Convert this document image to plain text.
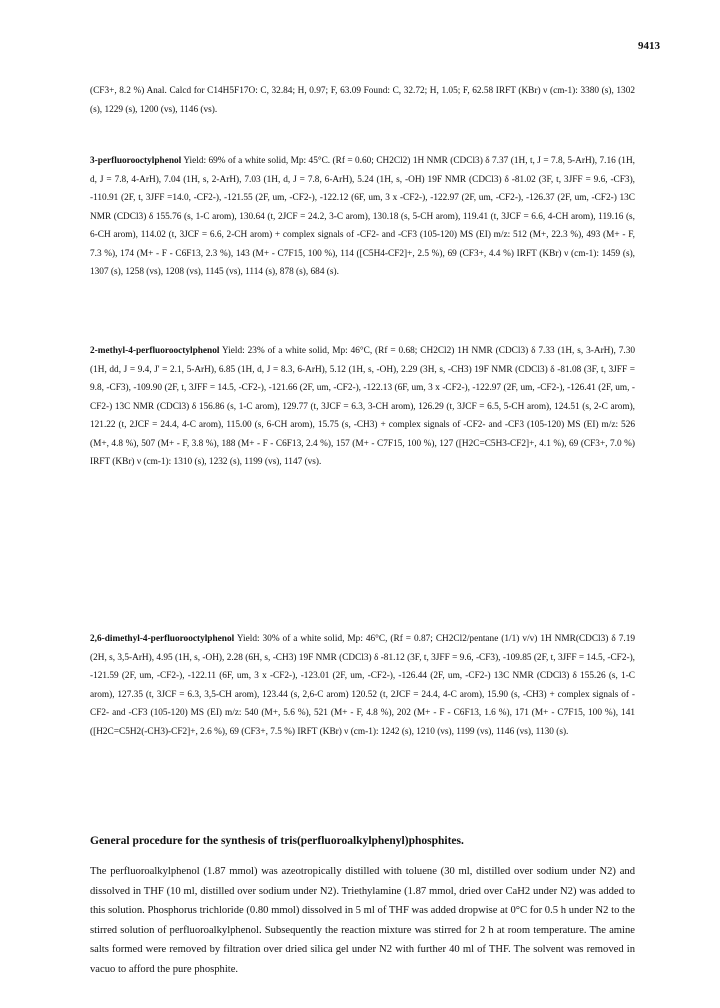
9413

(CF3+, 8.2 %) Anal. Calcd for C14H5F17O: C, 32.84; H, 0.97; F, 63.09 Found: C, 32.72; H, 1.05; F, 62.58 IRFT (KBr) ν (cm-1): 3380 (s), 1302 (s), 1229 (s), 1200 (vs), 1146 (vs).

3-perfluorooctylphenol Yield: 69% of a white solid, Mp: 45°C. (Rf = 0.60; CH2Cl2) 1H NMR (CDCl3) δ 7.37 (1H, t, J = 7.8, 5-ArH), 7.16 (1H, d, J = 7.8, 4-ArH), 7.04 (1H, s, 2-ArH), 7.03 (1H, d, J = 7.8, 6-ArH), 5.24 (1H, s, -OH) 19F NMR (CDCl3) δ -81.02 (3F, t, 3JFF = 9.6, -CF3), -110.91 (2F, t, 3JFF =14.0, -CF2-), -121.55 (2F, um, -CF2-), -122.12 (6F, um, 3 x -CF2-), -122.97 (2F, um, -CF2-), -126.37 (2F, um, -CF2-) 13C NMR (CDCl3) δ 155.76 (s, 1-C arom), 130.64 (t, 2JCF = 24.2, 3-C arom), 130.18 (s, 5-CH arom), 119.41 (t, 3JCF = 6.6, 4-CH arom), 119.16 (s, 6-CH arom), 114.02 (t, 3JCF = 6.6, 2-CH arom) + complex signals of -CF2- and -CF3 (105-120) MS (EI) m/z: 512 (M+, 22.3 %), 493 (M+ - F, 7.3 %), 174 (M+ - F - C6F13, 2.3 %), 143 (M+ - C7F15, 100 %), 114 ([C5H4-CF2]+, 2.5 %), 69 (CF3+, 4.4 %) IRFT (KBr) ν (cm-1): 1459 (s), 1307 (s), 1258 (vs), 1208 (vs), 1145 (vs), 1114 (s), 878 (s), 684 (s).

2-methyl-4-perfluorooctylphenol Yield: 23% of a white solid, Mp: 46°C, (Rf = 0.68; CH2Cl2) 1H NMR (CDCl3) δ 7.33 (1H, s, 3-ArH), 7.30 (1H, dd, J = 9.4, J' = 2.1, 5-ArH), 6.85 (1H, d, J = 8.3, 6-ArH), 5.12 (1H, s, -OH), 2.29 (3H, s, -CH3) 19F NMR (CDCl3) δ -81.08 (3F, t, 3JFF = 9.8, -CF3), -109.90 (2F, t, 3JFF = 14.5, -CF2-), -121.66 (2F, um, -CF2-), -122.13 (6F, um, 3 x -CF2-), -122.97 (2F, um, -CF2-), -126.41 (2F, um, -CF2-) 13C NMR (CDCl3) δ 156.86 (s, 1-C arom), 129.77 (t, 3JCF = 6.3, 3-CH arom), 126.29 (t, 3JCF = 6.5, 5-CH arom), 124.51 (s, 2-C arom), 121.22 (t, 2JCF = 24.4, 4-C arom), 115.00 (s, 6-CH arom), 15.75 (s, -CH3) + complex signals of -CF2- and -CF3 (105-120) MS (EI) m/z: 526 (M+, 4.8 %), 507 (M+ - F, 3.8 %), 188 (M+ - F - C6F13, 2.4 %), 157 (M+ - C7F15, 100 %), 127 ([H2C=C5H3-CF2]+, 4.1 %), 69 (CF3+, 7.0 %) IRFT (KBr) ν (cm-1): 1310 (s), 1232 (s), 1199 (vs), 1147 (vs).

2,6-dimethyl-4-perfluorooctylphenol Yield: 30% of a white solid, Mp: 46°C, (Rf = 0.87; CH2Cl2/pentane (1/1) v/v) 1H NMR(CDCl3) δ 7.19 (2H, s, 3,5-ArH), 4.95 (1H, s, -OH), 2.28 (6H, s, -CH3) 19F NMR (CDCl3) δ -81.12 (3F, t, 3JFF = 9.6, -CF3), -109.85 (2F, t, 3JFF = 14.5, -CF2-), -121.59 (2F, um, -CF2-), -122.11 (6F, um, 3 x -CF2-), -123.01 (2F, um, -CF2-), -126.44 (2F, um, -CF2-) 13C NMR (CDCl3) δ 155.26 (s, 1-C arom), 127.35 (t, 3JCF = 6.3, 3,5-CH arom), 123.44 (s, 2,6-C arom) 120.52 (t, 2JCF = 24.4, 4-C arom), 15.90 (s, -CH3) + complex signals of -CF2- and -CF3 (105-120) MS (EI) m/z: 540 (M+, 5.6 %), 521 (M+ - F, 4.8 %), 202 (M+ - F - C6F13, 1.6 %), 171 (M+ - C7F15, 100 %), 141 ([H2C=C5H2(-CH3)-CF2]+, 2.6 %), 69 (CF3+, 7.5 %) IRFT (KBr) ν (cm-1): 1242 (s), 1210 (vs), 1199 (vs), 1146 (vs), 1130 (s).

General procedure for the synthesis of tris(perfluoroalkylphenyl)phosphites.

The perfluoroalkylphenol (1.87 mmol) was azeotropically distilled with toluene (30 ml, distilled over sodium under N2) and dissolved in THF (10 ml, distilled over sodium under N2). Triethylamine (1.87 mmol, dried over CaH2 under N2) was added to this solution. Phosphorus trichloride (0.80 mmol) dissolved in 5 ml of THF was added dropwise at 0°C for 0.5 h under N2 to the stirred solution of perfluoroalkylphenol. Subsequently the reaction mixture was stirred for 2 h at room temperature. The amine salts formed were removed by filtration over dried silica gel under N2 with further 40 ml of THF. The solvent was removed in vacuo to afford the pure phosphite.
